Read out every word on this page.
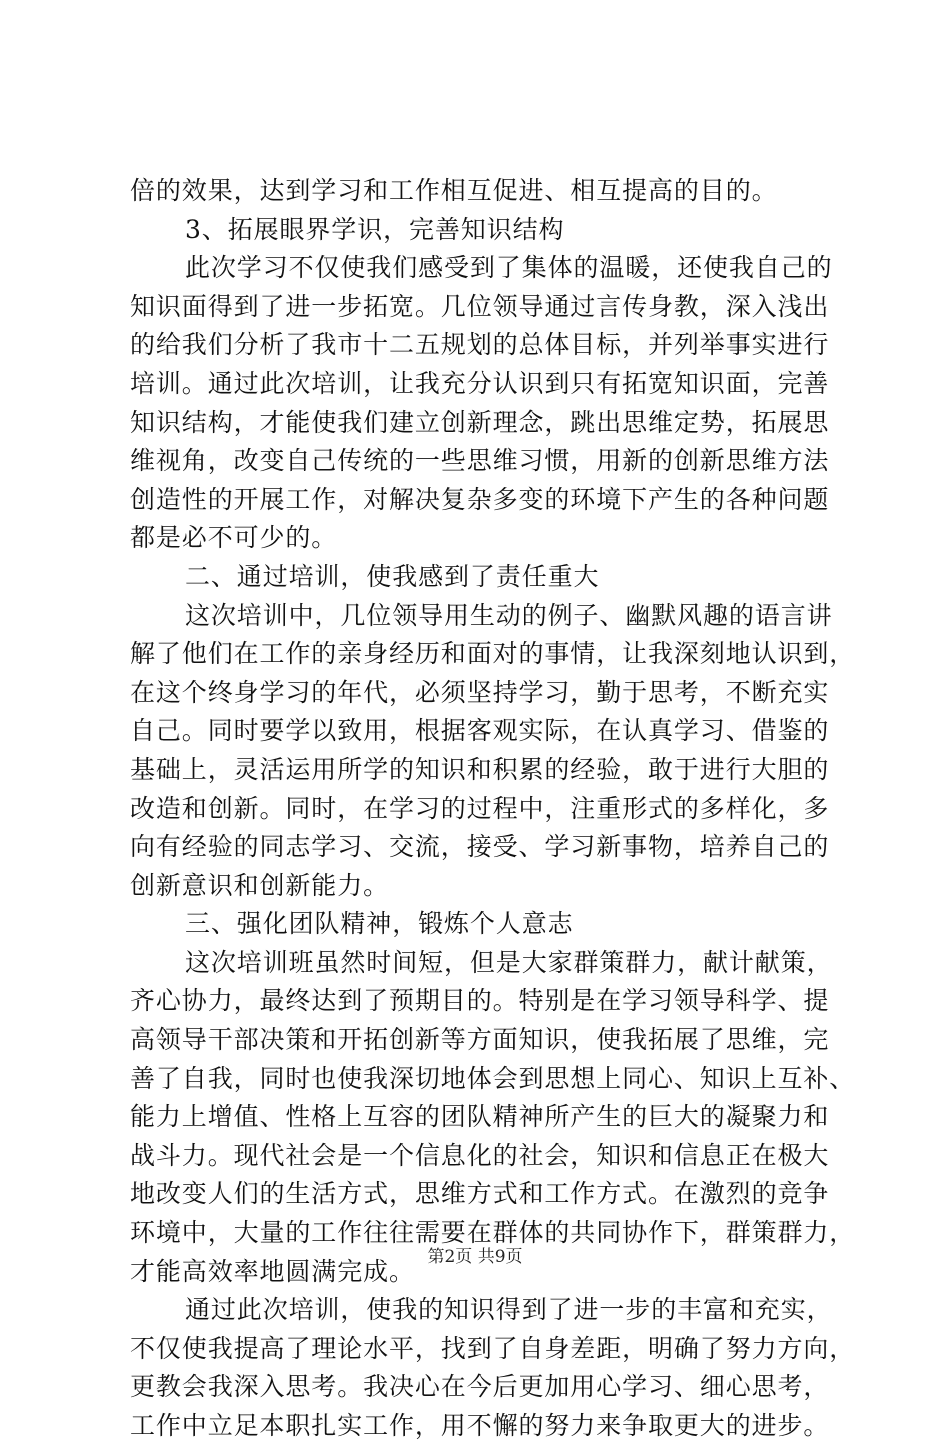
倍的效果，达到学习和工作相互促进、相互提高的目的。
3、拓展眼界学识，完善知识结构
此次学习不仅使我们感受到了集体的温暖，还使我自己的
知识面得到了进一步拓宽。几位领导通过言传身教，深入浅出
的给我们分析了我市十二五规划的总体目标，并列举事实进行
培训。通过此次培训，让我充分认识到只有拓宽知识面，完善
知识结构，才能使我们建立创新理念，跳出思维定势，拓展思
维视角，改变自己传统的一些思维习惯，用新的创新思维方法
创造性的开展工作，对解决复杂多变的环境下产生的各种问题
都是必不可少的。
二、通过培训，使我感到了责任重大
这次培训中，几位领导用生动的例子、幽默风趣的语言讲
解了他们在工作的亲身经历和面对的事情，让我深刻地认识到，
在这个终身学习的年代，必须坚持学习，勤于思考，不断充实
自己。同时要学以致用，根据客观实际，在认真学习、借鉴的
基础上，灵活运用所学的知识和积累的经验，敢于进行大胆的
改造和创新。同时，在学习的过程中，注重形式的多样化，多
向有经验的同志学习、交流，接受、学习新事物，培养自己的
创新意识和创新能力。
三、强化团队精神，锻炼个人意志
这次培训班虽然时间短，但是大家群策群力，献计献策，
齐心协力，最终达到了预期目的。特别是在学习领导科学、提
高领导干部决策和开拓创新等方面知识，使我拓展了思维，完
善了自我，同时也使我深切地体会到思想上同心、知识上互补、
能力上增值、性格上互容的团队精神所产生的巨大的凝聚力和
战斗力。现代社会是一个信息化的社会，知识和信息正在极大
地改变人们的生活方式，思维方式和工作方式。在激烈的竞争
环境中，大量的工作往往需要在群体的共同协作下，群策群力，
才能高效率地圆满完成。
通过此次培训，使我的知识得到了进一步的丰富和充实，
不仅使我提高了理论水平，找到了自身差距，明确了努力方向，
更教会我深入思考。我决心在今后更加用心学习、细心思考，
工作中立足本职扎实工作，用不懈的努力来争取更大的进步。
第2页 共9页
